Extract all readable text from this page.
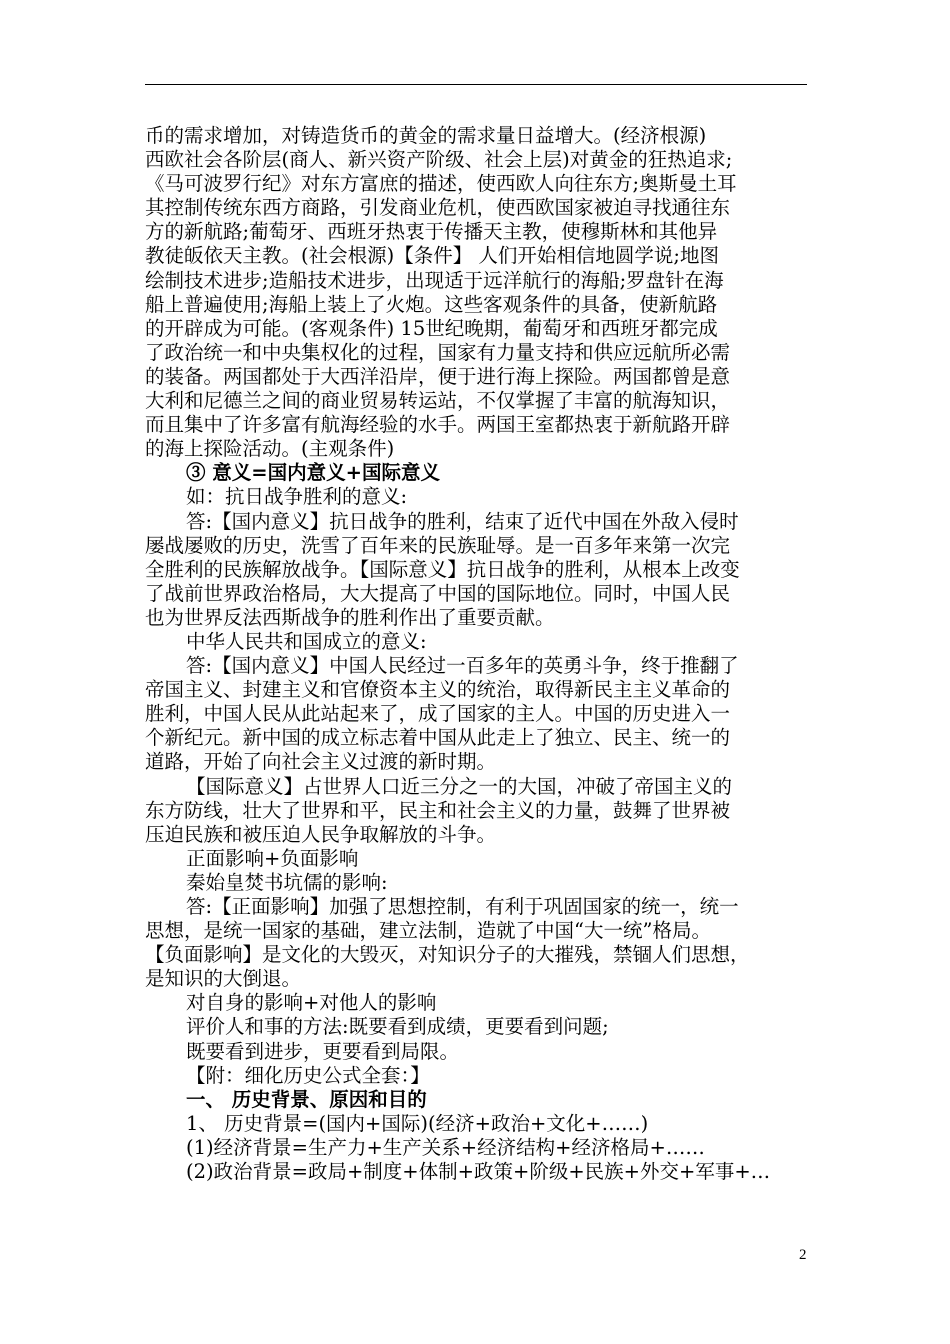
币的需求增加，对铸造货币的黄金的需求量日益增大。(经济根源)
西欧社会各阶层(商人、新兴资产阶级、社会上层)对黄金的狂热追求;
《马可波罗行纪》对东方富庶的描述，使西欧人向往东方;奥斯曼土耳
其控制传统东西方商路，引发商业危机，使西欧国家被迫寻找通往东
方的新航路;葡萄牙、西班牙热衷于传播天主教，使穆斯林和其他异
教徒皈依天主教。(社会根源)【条件】 人们开始相信地圆学说;地图
绘制技术进步;造船技术进步，出现适于远洋航行的海船;罗盘针在海
船上普遍使用;海船上装上了火炮。这些客观条件的具备，使新航路
的开辟成为可能。(客观条件) 15世纪晚期，葡萄牙和西班牙都完成
了政治统一和中央集权化的过程，国家有力量支持和供应远航所必需
的装备。两国都处于大西洋沿岸，便于进行海上探险。两国都曾是意
大利和尼德兰之间的商业贸易转运站，不仅掌握了丰富的航海知识，
而且集中了许多富有航海经验的水手。两国王室都热衷于新航路开辟
的海上探险活动。(主观条件)
③ 意义=国内意义+国际意义
如：抗日战争胜利的意义:
答:【国内意义】抗日战争的胜利，结束了近代中国在外敌入侵时
屡战屡败的历史，洗雪了百年来的民族耻辱。是一百多年来第一次完
全胜利的民族解放战争。【国际意义】抗日战争的胜利，从根本上改变
了战前世界政治格局，大大提高了中国的国际地位。同时，中国人民
也为世界反法西斯战争的胜利作出了重要贡献。
中华人民共和国成立的意义:
答:【国内意义】中国人民经过一百多年的英勇斗争，终于推翻了
帝国主义、封建主义和官僚资本主义的统治，取得新民主主义革命的
胜利，中国人民从此站起来了，成了国家的主人。中国的历史进入一
个新纪元。新中国的成立标志着中国从此走上了独立、民主、统一的
道路，开始了向社会主义过渡的新时期。
【国际意义】占世界人口近三分之一的大国，冲破了帝国主义的
东方防线，壮大了世界和平，民主和社会主义的力量，鼓舞了世界被
压迫民族和被压迫人民争取解放的斗争。
正面影响+负面影响
秦始皇焚书坑儒的影响:
答:【正面影响】加强了思想控制，有利于巩固国家的统一，统一
思想，是统一国家的基础，建立法制，造就了中国“大一统”格局。
【负面影响】是文化的大毁灭，对知识分子的大摧残，禁锢人们思想，
是知识的大倒退。
对自身的影响+对他人的影响
评价人和事的方法:既要看到成绩，更要看到问题;
既要看到进步，更要看到局限。
【附：细化历史公式全套：】
一、 历史背景、原因和目的
1、 历史背景=(国内+国际)(经济+政治+文化+……)
(1)经济背景=生产力+生产关系+经济结构+经济格局+……
(2)政治背景=政局+制度+体制+政策+阶级+民族+外交+军事+…
2
